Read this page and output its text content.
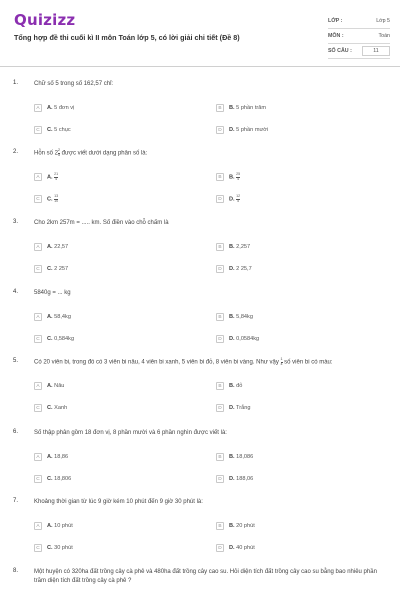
Quizizz
Tổng hợp đề thi cuối kì II môn Toán lớp 5, có lời giải chi tiết (Đề 8)
LỚP :	Lớp 5
MÔN :	Toán
SỐ CÂU :	11
1.	Chữ số 5 trong số 162,57 chỉ:
A	A. 5 đơn vị	B	B. 5 phần trăm
C	C. 5 chục	D	D. 5 phần mười
2.	Hỗn số $2 \frac{2}{5}$ được viết dưới dạng phân số là:
A	A. $\frac{21}{4}$	B	B. $\frac{25}{4}$
C	C. $\frac{13}{10}$	D	D. $\frac{12}{5}$
3.	Cho 2km 257m = ..... km. Số điền vào chỗ chấm là
A	A. 22,57	B	B. 2,257
C	C. 2 257	D	D. 2 25,7
4.	5840g = ... kg
A	A. 58,4kg	B	B. 5,84kg
C	C. 0,584kg	D	D. 0,0584kg
5.	Có 20 viên bi, trong đó có 3 viên bi nâu, 4 viên bi xanh, 5 viên bi đỏ, 8 viên bi vàng. Như vậy $\frac{1}{4}$ số viên bi có màu:
A	A. Nâu	B	B. đỏ
C	C. Xanh	D	D. Trắng
6.	Số thập phân gồm 18 đơn vị, 8 phần mười và 6 phần nghìn được viết là:
A	A. 18,86	B	B. 18,086
C	C. 18,806	D	D. 188,06
7.	Khoảng thời gian từ lúc 9 giờ kém 10 phút đến 9 giờ 30 phút là:
A	A. 10 phút	B	B. 20 phút
C	C. 30 phút	D	D. 40 phút
8.	Một huyện có 320ha đất trồng cây cà phê và 480ha đất trồng cây cao su. Hỏi diện tích đất trồng cây cao su bằng bao nhiêu phần trăm diện tích đất trồng cây cà phê ?
